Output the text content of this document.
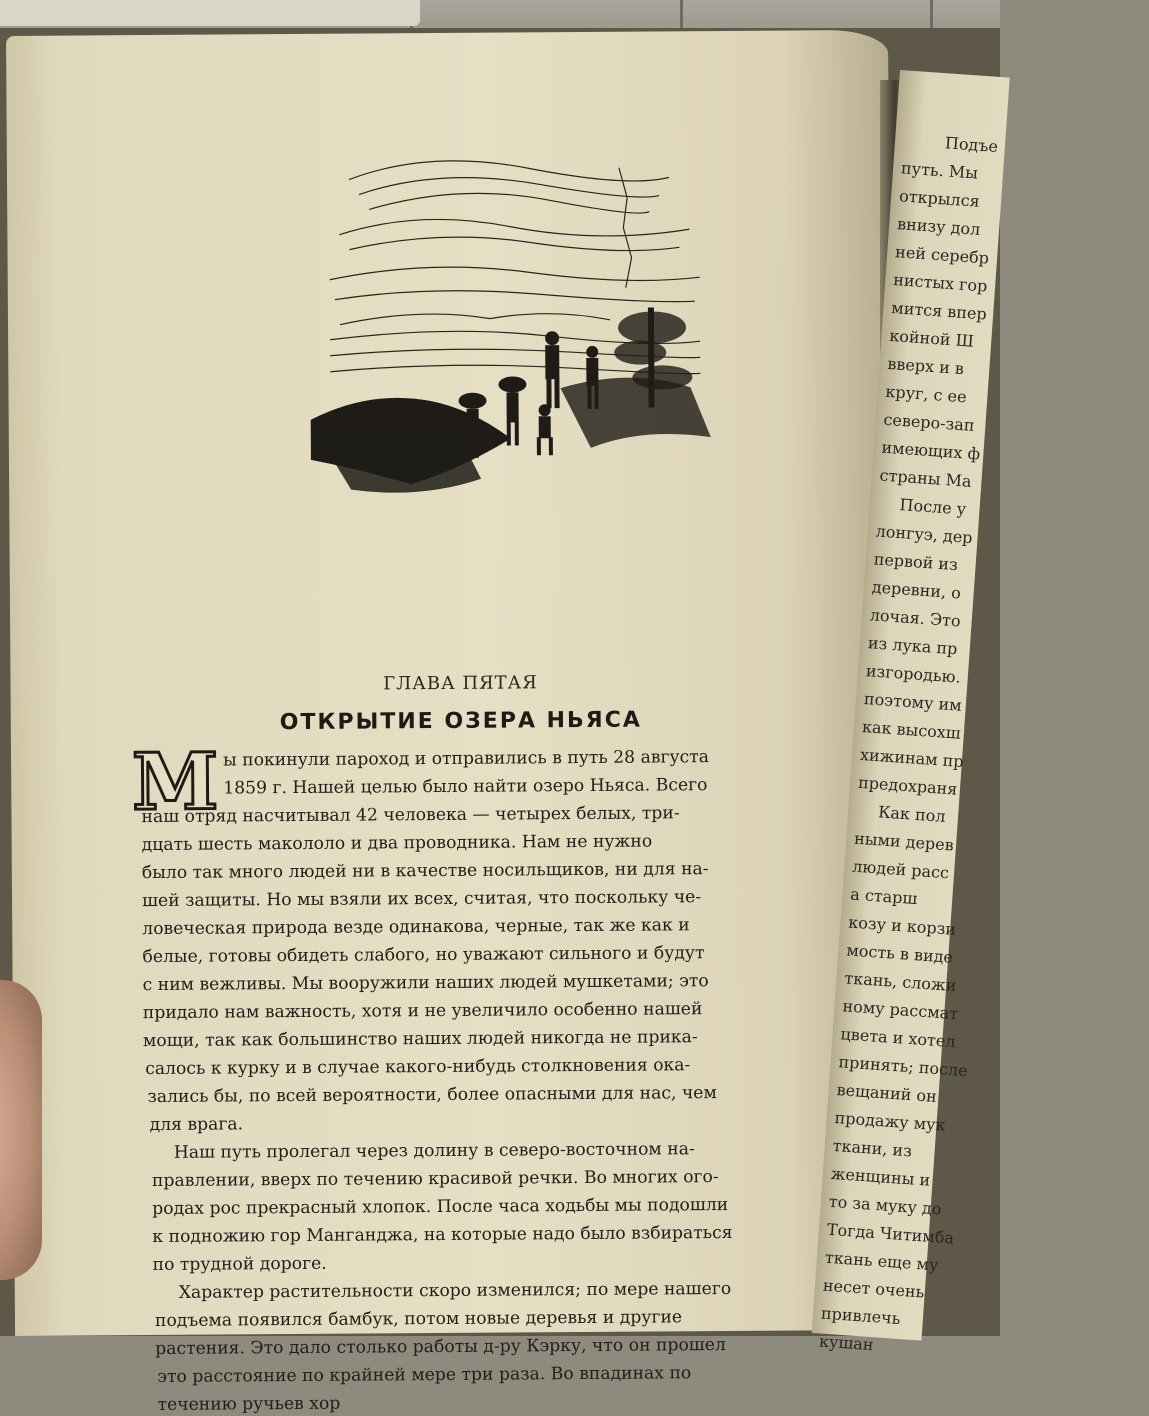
ГЛАВА ПЯТАЯ
ОТКРЫТИЕ ОЗЕРА НЬЯСА
М ы покинули пароход и отправились в путь 28 августа
1859 г. Нашей целью было найти озеро Ньяса. Всего
наш отряд насчитывал 42 человека — четырех белых, три-
дцать шесть макололо и два проводника. Нам не нужно
было так много людей ни в качестве носильщиков, ни для на-
шей защиты. Но мы взяли их всех, считая, что поскольку че-
ловеческая природа везде одинакова, черные, так же как и
белые, готовы обидеть слабого, но уважают сильного и будут
с ним вежливы. Мы вооружили наших людей мушкетами; это
придало нам важность, хотя и не увеличило особенно нашей
мощи, так как большинство наших людей никогда не прика-
салось к курку и в случае какого-нибудь столкновения ока-
зались бы, по всей вероятности, более опасными для нас, чем
для врага.
Наш путь пролегал через долину в северо-восточном на-
правлении, вверх по течению красивой речки. Во многих ого-
родах рос прекрасный хлопок. После часа ходьбы мы подошли
к подножию гор Манганджа, на которые надо было взбираться
по трудной дороге.
Характер растительности скоро изменился; по мере нашего
подъема появился бамбук, потом новые деревья и другие
растения. Это дало столько работы д-ру Кэрку, что он прошел
это расстояние по крайней мере три раза. Во впадинах по
течению ручьев хор
Подъе
путь. Мы
открылся
внизу дол
ней серебр
нистых гор
мится впер
койной Ш
вверх и в
круг, с ее
северо-зап
имеющих ф
страны Ма
После у
лонгуэ, дер
первой из
деревни, о
лочая. Это
из лука пр
изгородью.
поэтому им
как высохш
хижинам пр
предохраня
Как пол
ными дерев
людей расс
а старш
козу и корзи
мость в виде
ткань, сложи
ному рассмат
цвета и хотел
принять; после
вещаний он
продажу мук
ткани, из
женщины и
то за муку до
Тогда Читимба
ткань еще му
несет очень
привлечь
кушан
